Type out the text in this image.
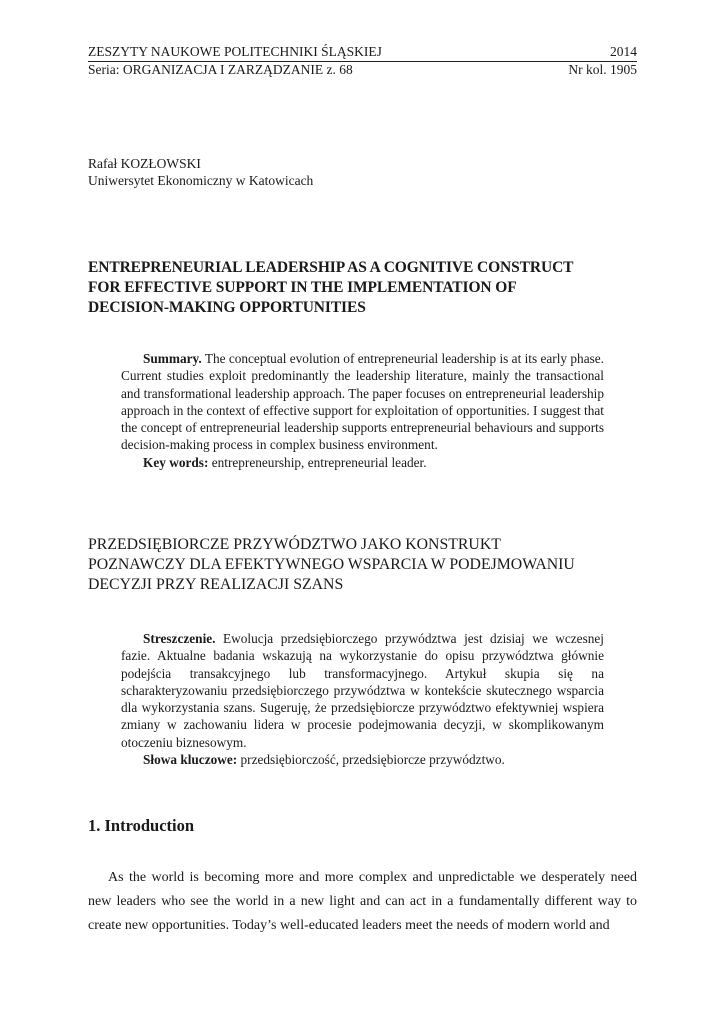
ZESZYTY NAUKOWE POLITECHNIKI ŚLĄSKIEJ	2014
Seria: ORGANIZACJA I ZARZĄDZANIE z. 68	Nr kol. 1905
Rafał KOZŁOWSKI
Uniwersytet Ekonomiczny w Katowicach
ENTREPRENEURIAL LEADERSHIP AS A COGNITIVE CONSTRUCT
FOR EFFECTIVE SUPPORT IN THE IMPLEMENTATION OF
DECISION-MAKING OPPORTUNITIES

Summary. The conceptual evolution of entrepreneurial leadership is at its early phase. Current studies exploit predominantly the leadership literature, mainly the transactional and transformational leadership approach. The paper focuses on entrepreneurial leadership approach in the context of effective support for exploitation of opportunities. I suggest that the concept of entrepreneurial leadership supports entrepreneurial behaviours and supports decision-making process in complex business environment.

Key words: entrepreneurship, entrepreneurial leader.

PRZEDSIĘBIORCZE PRZYWÓDZTWO JAKO KONSTRUKT
POZNAWCZY DLA EFEKTYWNEGO WSPARCIA W PODEJMOWANIU
DECYZJI PRZY REALIZACJI SZANS

Streszczenie. Ewolucja przedsiębiorczego przywództwa jest dzisiaj we wczesnej fazie. Aktualne badania wskazują na wykorzystanie do opisu przywództwa głównie podejścia transakcyjnego lub transformacyjnego. Artykuł skupia się na scharakteryzowaniu przedsiębiorczego przywództwa w kontekście skutecznego wsparcia dla wykorzystania szans. Sugeruję, że przedsiębiorcze przywództwo efektywniej wspiera zmiany w zachowaniu lidera w procesie podejmowania decyzji, w skomplikowanym otoczeniu biznesowym.

Słowa kluczowe: przedsiębiorczość, przedsiębiorcze przywództwo.

1. Introduction

As the world is becoming more and more complex and unpredictable we desperately need new leaders who see the world in a new light and can act in a fundamentally different way to create new opportunities. Today’s well-educated leaders meet the needs of modern world and
